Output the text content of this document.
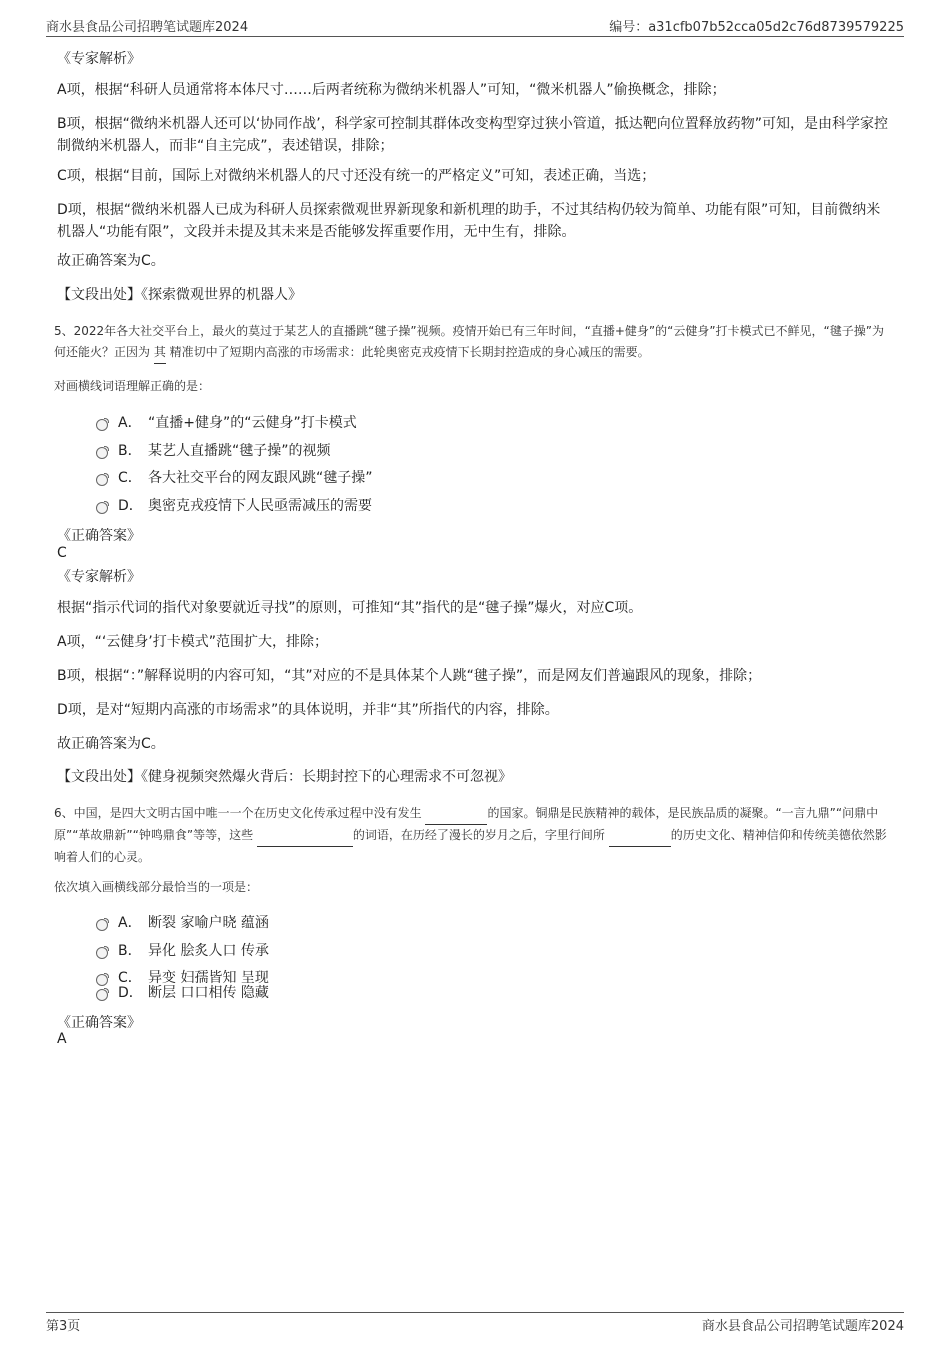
商水县食品公司招聘笔试题库2024	编号：a31cfb07b52cca05d2c76d8739579225
《专家解析》
A项，根据“科研人员通常将本体尺寸……后两者统称为微纳米机器人”可知，“微米机器人”偷换概念，排除；
B项，根据“微纳米机器人还可以‘协同作战’，科学家可控制其群体改变构型穿过狭小管道，抵达靶向位置释放药物”可知，是由科学家控制微纳米机器人，而非“自主完成”，表述错误，排除；
C项，根据“目前，国际上对微纳米机器人的尺寸还没有统一的严格定义”可知，表述正确，当选；
D项，根据“微纳米机器人已成为科研人员探索微观世界新现象和新机理的助手，不过其结构仍较为简单、功能有限”可知，目前微纳米机器人“功能有限”，文段并未提及其未来是否能够发挥重要作用，无中生有，排除。
故正确答案为C。
【文段出处】《探索微观世界的机器人》
5、2022年各大社交平台上，最火的莫过于某艺人的直播跳“毽子操”视频。疫情开始已有三年时间，“直播+健身”的“云健身”打卡模式已不鲜见，“毽子操”为何还能火？正因为 其 精准切中了短期内高涨的市场需求：此轮奥密克戎疫情下长期封控造成的身心减压的需要。
对画横线词语理解正确的是：
A． “直播+健身”的“云健身”打卡模式
B． 某艺人直播跳“毽子操”的视频
C． 各大社交平台的网友跟风跳“毽子操”
D． 奥密克戎疫情下人民亟需减压的需要
《正确答案》
C
《专家解析》
根据“指示代词的指代对象要就近寻找”的原则，可推知“其”指代的是“毽子操”爆火，对应C项。
A项，“‘云健身’打卡模式”范围扩大，排除；
B项，根据“：”解释说明的内容可知，“其”对应的不是具体某个人跳“毽子操”，而是网友们普遍跟风的现象，排除；
D项，是对“短期内高涨的市场需求”的具体说明，并非“其”所指代的内容，排除。
故正确答案为C。
【文段出处】《健身视频突然爆火背后：长期封控下的心理需求不可忽视》
6、中国，是四大文明古国中唯一一个在历史文化传承过程中没有发生	的国家。铜鼎是民族精神的载体，是民族品质的凝聚。“一言九鼎”“问鼎中原”“革故鼎新”“钟鸣鼎食”等等，这些	的词语，在历经了漫长的岁月之后，字里行间所	的历史文化、精神信仰和传统美德依然影响着人们的心灵。
依次填入画横线部分最恰当的一项是：
A． 断裂 家喻户晓 蕴涵
B． 异化 脍炙人口 传承
C． 异变 妇孺皆知 呈现
D． 断层 口口相传 隐藏
《正确答案》
A
第3页	商水县食品公司招聘笔试题库2024
